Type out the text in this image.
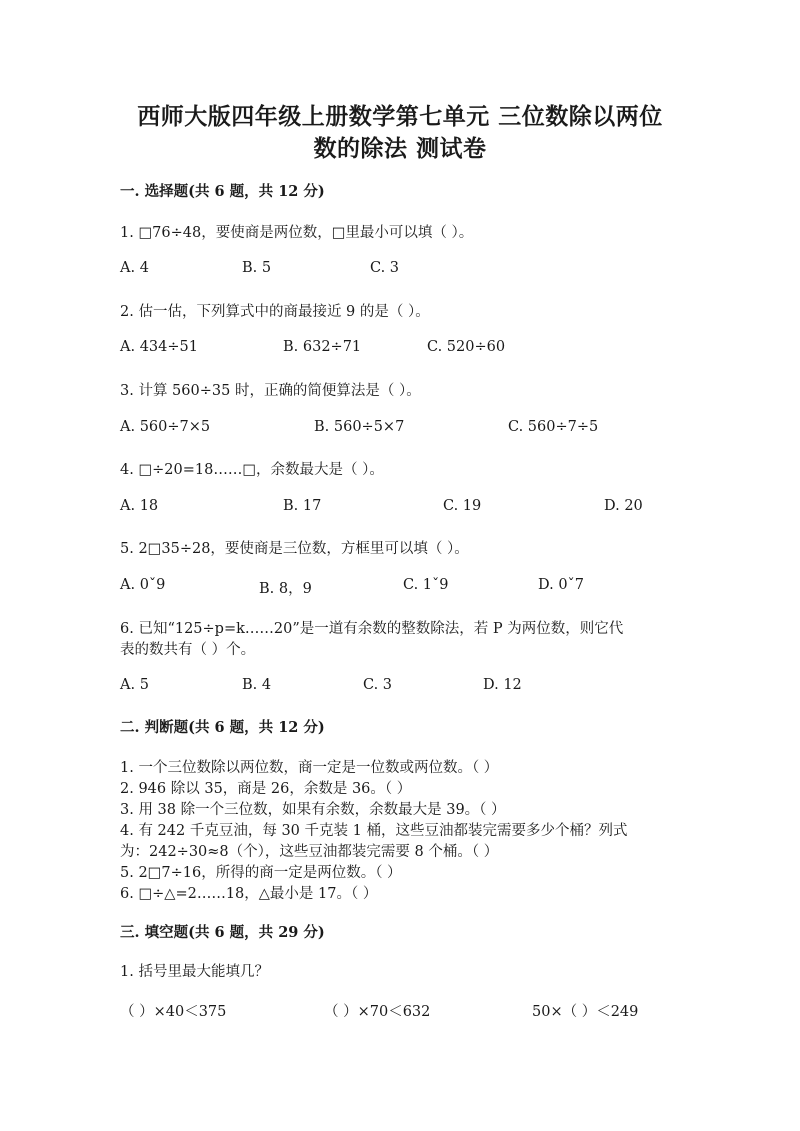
西师大版四年级上册数学第七单元 三位数除以两位
数的除法 测试卷
一. 选择题(共 6 题，共 12 分)
1. □76÷48，要使商是两位数，□里最小可以填（ ）。
A. 4	B. 5	C. 3
2. 估一估，下列算式中的商最接近 9 的是（ ）。
A. 434÷51	B. 632÷71	C. 520÷60
3. 计算 560÷35 时，正确的简便算法是（ ）。
A. 560÷7×5	B. 560÷5×7	C. 560÷7÷5
4. □÷20=18……□，余数最大是（ ）。
A. 18	B. 17	C. 19	D. 20
5. 2□35÷28，要使商是三位数，方框里可以填（ ）。
A. 0ˇ9	B. 8，9	C. 1ˇ9	D. 0ˇ7
6. 已知“125÷p=k……20”是一道有余数的整数除法，若 P 为两位数，则它代
表的数共有（ ）个。
A. 5	B. 4	C. 3	D. 12
二. 判断题(共 6 题，共 12 分)
1. 一个三位数除以两位数，商一定是一位数或两位数。（ ）
2. 946 除以 35，商是 26，余数是 36。（ ）
3. 用 38 除一个三位数，如果有余数，余数最大是 39。（ ）
4. 有 242 千克豆油，每 30 千克装 1 桶，这些豆油都装完需要多少个桶？列式
为：242÷30≈8（个），这些豆油都装完需要 8 个桶。（ ）
5. 2□7÷16，所得的商一定是两位数。（ ）
6. □÷△=2……18，△最小是 17。（ ）
三. 填空题(共 6 题，共 29 分)
1. 括号里最大能填几？
（ ）×40＜375	（ ）×70＜632	50×（ ）＜249
